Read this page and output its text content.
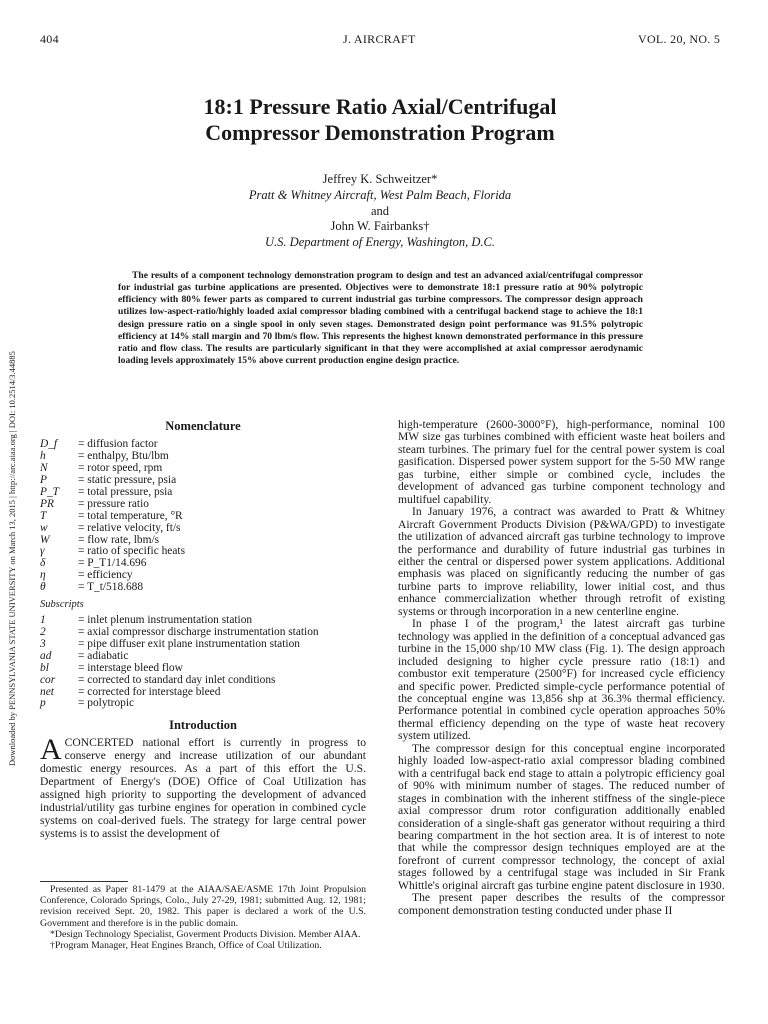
404	J. AIRCRAFT	VOL. 20, NO. 5
Downloaded by PENNSYLVANIA STATE UNIVERSITY on March 13, 2015 | http://arc.aiaa.org | DOI: 10.2514/3.44885
18:1 Pressure Ratio Axial/Centrifugal
Compressor Demonstration Program
Jeffrey K. Schweitzer*
Pratt & Whitney Aircraft, West Palm Beach, Florida
and
John W. Fairbanks†
U.S. Department of Energy, Washington, D.C.
The results of a component technology demonstration program to design and test an advanced axial/centrifugal compressor for industrial gas turbine applications are presented. Objectives were to demonstrate 18:1 pressure ratio at 90% polytropic efficiency with 80% fewer parts as compared to current industrial gas turbine compressors. The compressor design approach utilizes low-aspect-ratio/highly loaded axial compressor blading combined with a centrifugal backend stage to achieve the 18:1 design pressure ratio on a single spool in only seven stages. Demonstrated design point performance was 91.5% polytropic efficiency at 14% stall margin and 70 lbm/s flow. This represents the highest known demonstrated performance in this pressure ratio and flow class. The results are particularly significant in that they were accomplished at axial compressor aerodynamic loading levels approximately 15% above current production engine design practice.
Nomenclature
D_f	= diffusion factor
h	= enthalpy, Btu/lbm
N	= rotor speed, rpm
P	= static pressure, psia
P_T	= total pressure, psia
PR	= pressure ratio
T	= total temperature, °R
w	= relative velocity, ft/s
W	= flow rate, lbm/s
γ	= ratio of specific heats
δ	= P_T1/14.696
η	= efficiency
θ	= T_t/518.688
Subscripts
1	= inlet plenum instrumentation station
2	= axial compressor discharge instrumentation station
3	= pipe diffuser exit plane instrumentation station
ad	= adiabatic
bl	= interstage bleed flow
cor	= corrected to standard day inlet conditions
net	= corrected for interstage bleed
p	= polytropic
Introduction
ACONCERTED national effort is currently in progress to conserve energy and increase utilization of our abundant domestic energy resources. As a part of this effort the U.S. Department of Energy's (DOE) Office of Coal Utilization has assigned high priority to supporting the development of advanced industrial/utility gas turbine engines for operation in combined cycle systems on coal-derived fuels. The strategy for large central power systems is to assist the development of

Presented as Paper 81-1479 at the AIAA/SAE/ASME 17th Joint Propulsion Conference, Colorado Springs, Colo., July 27-29, 1981; submitted Aug. 12, 1981; revision received Sept. 20, 1982. This paper is declared a work of the U.S. Government and therefore is in the public domain.

*Design Technology Specialist, Goverment Products Division. Member AIAA.

†Program Manager, Heat Engines Branch, Office of Coal Utilization.

high-temperature (2600-3000°F), high-performance, nominal 100 MW size gas turbines combined with efficient waste heat boilers and steam turbines. The primary fuel for the central power system is coal gasification. Dispersed power system support for the 5-50 MW range gas turbine, either simple or combined cycle, includes the development of advanced gas turbine component technology and multifuel capability.

In January 1976, a contract was awarded to Pratt & Whitney Aircraft Government Products Division (P&WA/GPD) to investigate the utilization of advanced aircraft gas turbine technology to improve the performance and durability of future industrial gas turbines in either the central or dispersed power system applications. Additional emphasis was placed on significantly reducing the number of gas turbine parts to improve reliability, lower initial cost, and thus enhance commercialization whether through retrofit of existing systems or through incorporation in a new centerline engine.

In phase I of the program,¹ the latest aircraft gas turbine technology was applied in the definition of a conceptual advanced gas turbine in the 15,000 shp/10 MW class (Fig. 1). The design approach included designing to higher cycle pressure ratio (18:1) and combustor exit temperature (2500°F) for increased cycle efficiency and specific power. Predicted simple-cycle performance potential of the conceptual engine was 13,856 shp at 36.3% thermal efficiency. Performance potential in combined cycle operation approaches 50% thermal efficiency depending on the type of waste heat recovery system utilized.

The compressor design for this conceptual engine incorporated highly loaded low-aspect-ratio axial compressor blading combined with a centrifugal back end stage to attain a polytropic efficiency goal of 90% with minimum number of stages. The reduced number of stages in combination with the inherent stiffness of the single-piece axial compressor drum rotor configuration additionally enabled consideration of a single-shaft gas generator without requiring a third bearing compartment in the hot section area. It is of interest to note that while the compressor design techniques employed are at the forefront of current compressor technology, the concept of axial stages followed by a centrifugal stage was included in Sir Frank Whittle's original aircraft gas turbine engine patent disclosure in 1930.

The present paper describes the results of the compressor component demonstration testing conducted under phase II
